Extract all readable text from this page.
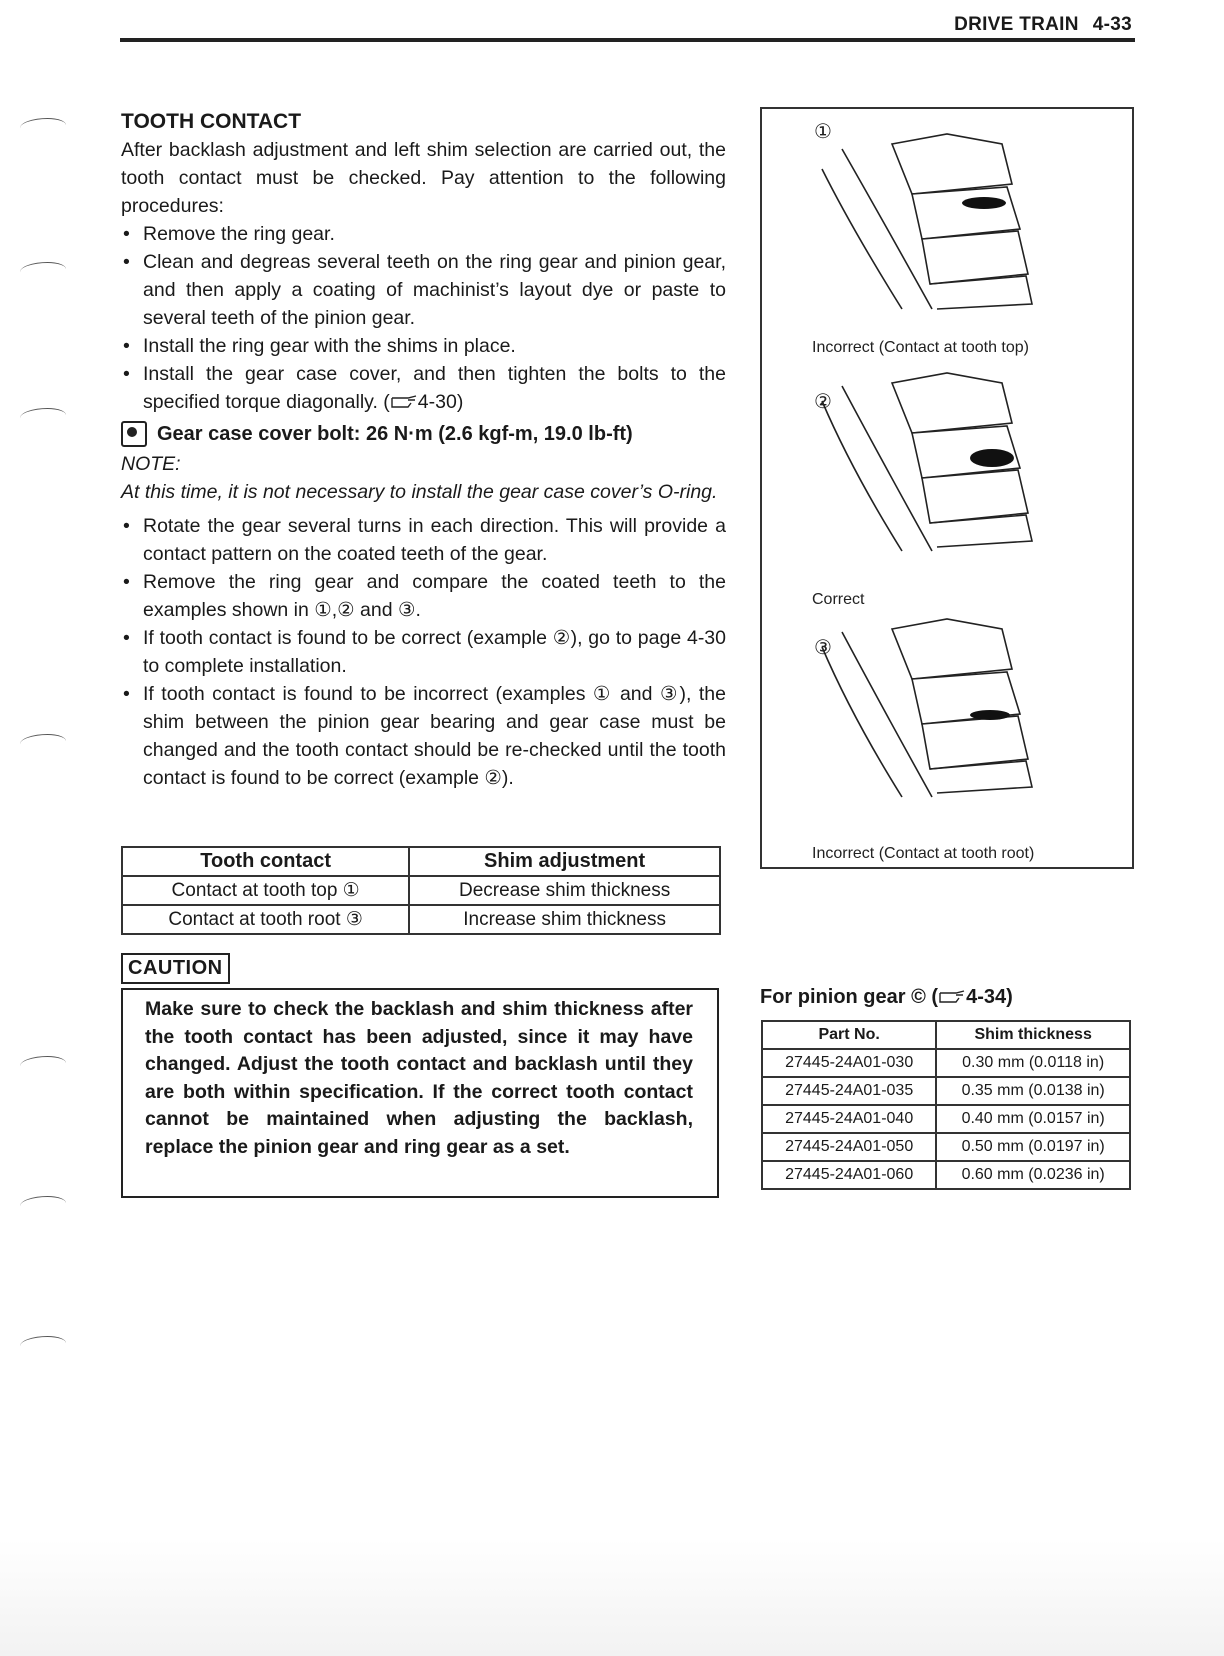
DRIVE TRAIN 4-33

TOOTH CONTACT

After backlash adjustment and left shim selection are carried out, the tooth contact must be checked. Pay attention to the following procedures:

• Remove the ring gear.
• Clean and degreas several teeth on the ring gear and pinion gear, and then apply a coating of machinist’s layout dye or paste to several teeth of the pinion gear.
• Install the ring gear with the shims in place.
• Install the gear case cover, and then tighten the bolts to the specified torque diagonally. ( 4-30)
Gear case cover bolt: 26 N·m (2.6 kgf-m, 19.0 lb-ft)
NOTE:
At this time, it is not necessary to install the gear case cover’s O-ring.
• Rotate the gear several turns in each direction. This will provide a contact pattern on the coated teeth of the gear.
• Remove the ring gear and compare the coated teeth to the examples shown in ①,② and ③.
• If tooth contact is found to be correct (example ②), go to page 4-30 to complete installation.
• If tooth contact is found to be incorrect (examples ① and ③), the shim between the pinion gear bearing and gear case must be changed and the tooth contact should be re-checked until the tooth contact is found to be correct (example ②).
Tooth contact	Shim adjustment
Contact at tooth top ①	Decrease shim thickness
Contact at tooth root ③	Increase shim thickness
CAUTION
Make sure to check the backlash and shim thickness after the tooth contact has been adjusted, since it may have changed. Adjust the tooth contact and backlash until they are both within specification. If the correct tooth contact cannot be maintained when adjusting the backlash, replace the pinion gear and ring gear as a set.
①
Incorrect (Contact at tooth top)
②
Correct
③
Incorrect (Contact at tooth root)
For pinion gear © ( 4-34)
Part No.	Shim thickness
27445-24A01-030	0.30 mm (0.0118 in)
27445-24A01-035	0.35 mm (0.0138 in)
27445-24A01-040	0.40 mm (0.0157 in)
27445-24A01-050	0.50 mm (0.0197 in)
27445-24A01-060	0.60 mm (0.0236 in)
